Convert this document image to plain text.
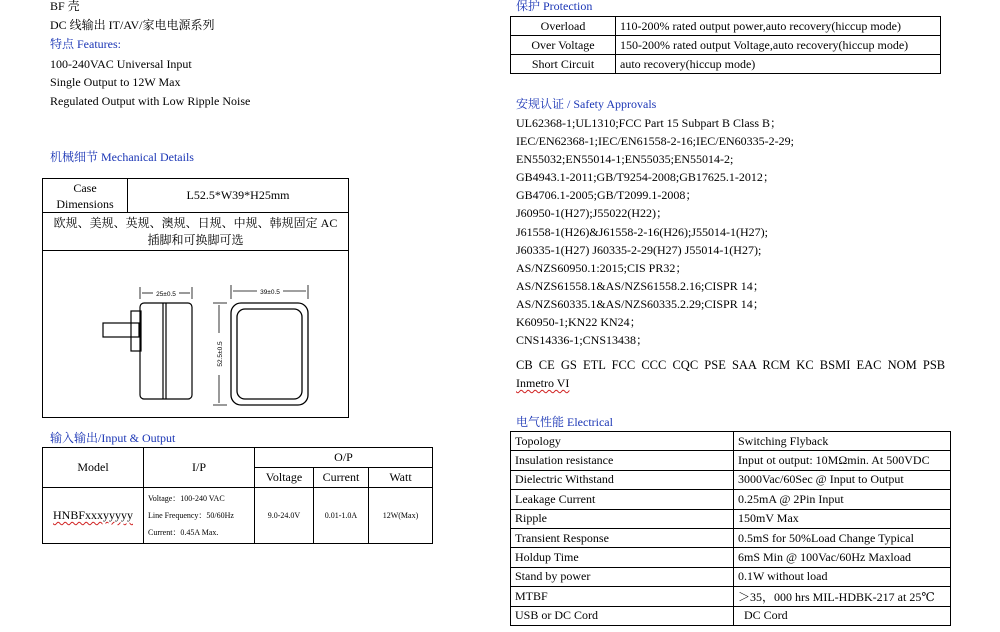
BF 壳
DC 线输出 IT/AV/家电电源系列
特点 Features:
100-240VAC Universal Input
Single Output to 12W Max
Regulated Output with Low Ripple Noise
机械细节 Mechanical Details
Case
Dimensions	L52.5*W39*H25mm
欧规、美规、英规、澳规、日规、中规、韩规固定 AC
插脚和可换脚可选

25±0.5	39±0.5
52.5±0.5
输入输出/Input & Output
Model	I/P	O/P		
		Voltage	Current	Watt
HNBFxxxyyyyy	Voltage：100-240 VAC
Line Frequency：50/60Hz
Current：0.45A Max.	9.0-24.0V	0.01-1.0A	12W(Max)
保护 Protection
Overload	110-200% rated output power,auto recovery(hiccup mode)
Over Voltage	150-200% rated output Voltage,auto recovery(hiccup mode)
Short Circuit	auto recovery(hiccup mode)
安规认证 / Safety Approvals
UL62368-1;UL1310;FCC Part 15 Subpart B Class B；
IEC/EN62368-1;IEC/EN61558-2-16;IEC/EN60335-2-29;
EN55032;EN55014-1;EN55035;EN55014-2;
GB4943.1-2011;GB/T9254-2008;GB17625.1-2012；
GB4706.1-2005;GB/T2099.1-2008；
J60950-1(H27);J55022(H22)；
J61558-1(H26)&J61558-2-16(H26);J55014-1(H27);
J60335-1(H27) J60335-2-29(H27) J55014-1(H27);
AS/NZS60950.1:2015;CIS PR32；
AS/NZS61558.1&AS/NZS61558.2.16;CISPR 14；
AS/NZS60335.1&AS/NZS60335.2.29;CISPR 14；
K60950-1;KN22 KN24；
CNS14336-1;CNS13438；
CB CE GS ETL FCC CCC CQC PSE SAA RCM KC BSMI EAC NOM PSB
Inmetro VI
电气性能 Electrical
Topology	Switching Flyback
Insulation resistance	Input ot output: 10MΩmin. At 500VDC
Dielectric Withstand	3000Vac/60Sec @ Input to Output
Leakage Current	0.25mA @ 2Pin Input
Ripple	150mV Max
Transient Response	0.5mS for 50%Load Change Typical
Holdup Time	6mS Min @ 100Vac/60Hz Maxload
Stand by power	0.1W without load
MTBF	＞35，000 hrs MIL-HDBK-217 at 25℃
USB or DC Cord	DC Cord
